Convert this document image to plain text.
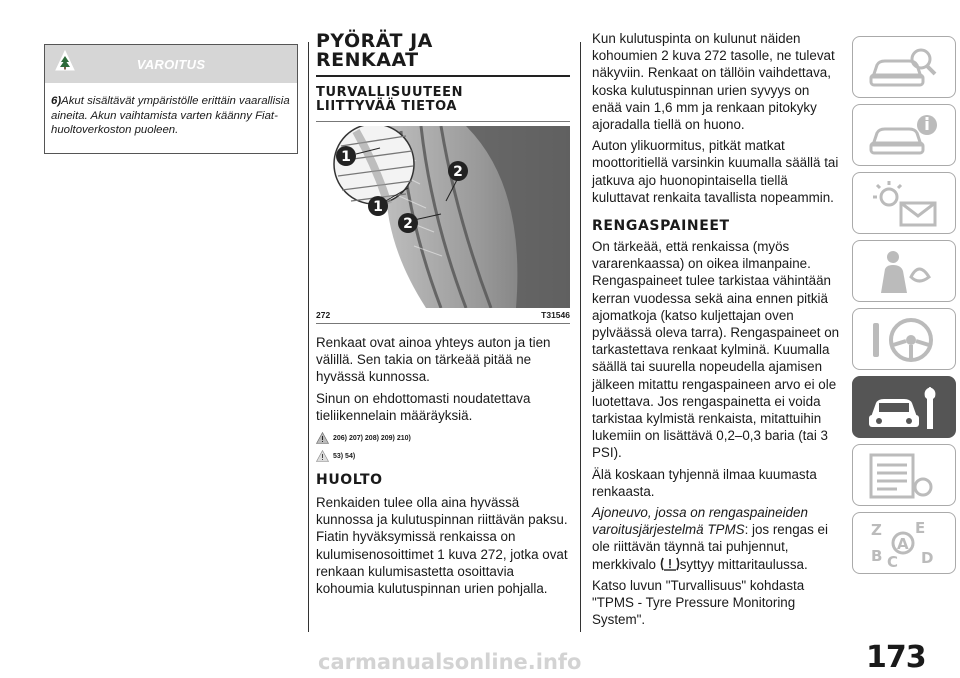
VAROITUS
6)Akut sisältävät ympäristölle erittäin vaarallisia aineita. Akun vaihtamista varten käänny Fiat-huoltoverkoston puoleen.
PYÖRÄT JA RENKAAT
TURVALLISUUTEEN LIITTYVÄÄ TIETOA
1
2
1
2
272	T31546
Renkaat ovat ainoa yhteys auton ja tien välillä. Sen takia on tärkeää pitää ne hyvässä kunnossa.
Sinun on ehdottomasti noudatettava tieliikennelain määräyksiä.
206) 207) 208) 209) 210)
53) 54)
HUOLTO
Renkaiden tulee olla aina hyvässä kunnossa ja kulutuspinnan riittävän paksu. Fiatin hyväksymissä renkaissa on kulumisenosoittimet 1 kuva 272, jotka ovat renkaan kulumisastetta osoittavia kohoumia kulutuspinnan urien pohjalla.
Kun kulutuspinta on kulunut näiden kohoumien 2 kuva 272 tasolle, ne tulevat näkyviin. Renkaat on tällöin vaihdettava, koska kulutuspinnan urien syvyys on enää vain 1,6 mm ja renkaan pitokyky ajoradalla tiellä on huono.
Auton ylikuormitus, pitkät matkat moottoritiellä varsinkin kuumalla säällä tai jatkuva ajo huonopintaisella tiellä kuluttavat renkaita tavallista nopeammin.
RENGASPAINEET
On tärkeää, että renkaissa (myös vararenkaassa) on oikea ilmanpaine. Rengaspaineet tulee tarkistaa vähintään kerran vuodessa sekä aina ennen pitkiä ajomatkoja (katso kuljettajan oven pylväässä oleva tarra). Rengaspaineet on tarkastettava renkaat kylminä. Kuumalla säällä tai suurella nopeudella ajamisen jälkeen mitattu rengaspaineen arvo ei ole luotettava. Jos rengaspainetta ei voida tarkistaa kylmistä renkaista, mitattuihin lukemiin on lisättävä 0,2–0,3 baria (tai 3 PSI).
Älä koskaan tyhjennä ilmaa kuumasta renkaasta.
Ajoneuvo, jossa on rengaspaineiden varoitusjärjestelmä TPMS: jos rengas ei ole riittävän täynnä tai puhjennut, merkkivalo syttyy mittaritaulussa.
Katso luvun "Turvallisuus" kohdasta "TPMS - Tyre Pressure Monitoring System".
Z E
B C D
A
173
carmanualsonline.info
